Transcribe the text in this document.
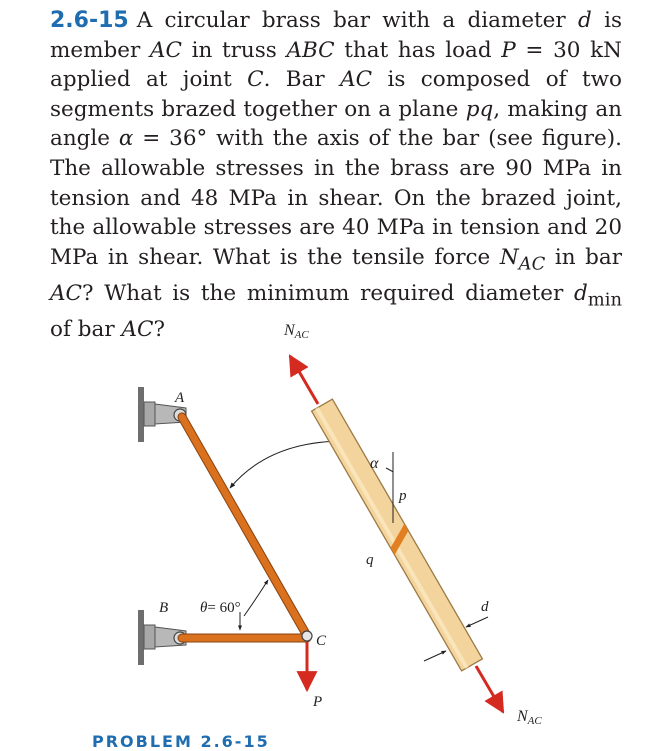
2.6-15 A circular brass bar with a diameter d is member AC in truss ABC that has load P = 30 kN applied at joint C. Bar AC is composed of two segments brazed together on a plane pq, making an angle α = 36° with the axis of the bar (see figure). The allowable stresses in the brass are 90 MPa in tension and 48 MPa in shear. On the brazed joint, the allowable stresses are 40 MPa in tension and 20 MPa in shear. What is the tensile force $N_{AC}$ in bar AC? What is the minimum required diameter $d_{min}$ of bar AC?
A
B
C
P
θ= 60°
NAC
NAC
α
p
q
d
PROBLEM 2.6-15
